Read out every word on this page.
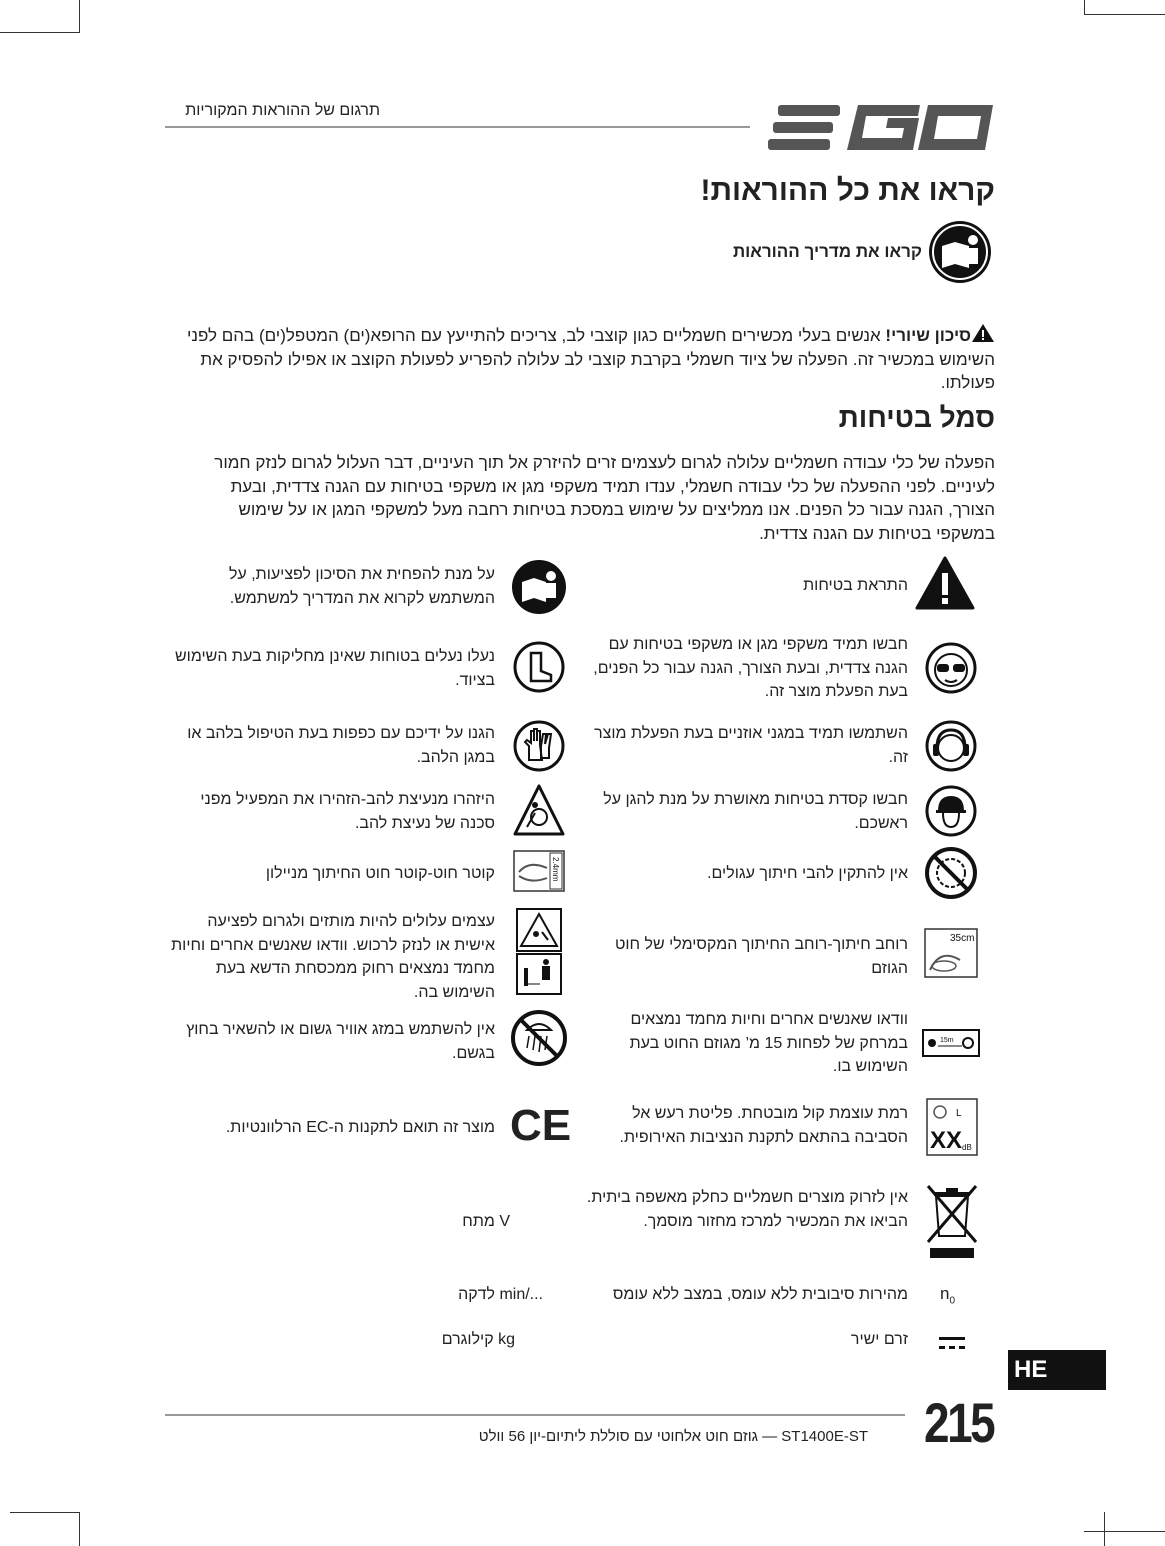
תרגום של ההוראות המקוריות
קראו את כל ההוראות!
קראו את מדריך ההוראות
סיכון שיורי! אנשים בעלי מכשירים חשמליים כגון קוצבי לב, צריכים להתייעץ עם הרופא(ים) המטפל(ים) בהם לפני השימוש במכשיר זה. הפעלה של ציוד חשמלי בקרבת קוצבי לב עלולה להפריע לפעולת הקוצב או אפילו להפסיק את פעולתו.
סמל בטיחות
הפעלה של כלי עבודה חשמליים עלולה לגרום לעצמים זרים להיזרק אל תוך העיניים, דבר העלול לגרום לנזק חמור לעיניים. לפני ההפעלה של כלי עבודה חשמלי, ענדו תמיד משקפי מגן או משקפי בטיחות עם הגנה צדדית, ובעת הצורך, הגנה עבור כל הפנים. אנו ממליצים על שימוש במסכת בטיחות רחבה מעל למשקפי המגן או על שימוש במשקפי בטיחות עם הגנה צדדית.
התראת בטיחות
חבשו תמיד משקפי מגן או משקפי בטיחות עם הגנה צדדית, ובעת הצורך, הגנה עבור כל הפנים, בעת הפעלת מוצר זה.
השתמשו תמיד במגני אוזניים בעת הפעלת מוצר זה.
חבשו קסדת בטיחות מאושרת על מנת להגן על ראשכם.
אין להתקין להבי חיתוך עגולים.
35cm
רוחב חיתוך-רוחב החיתוך המקסימלי של חוט הגוזם
15m
וודאו שאנשים אחרים וחיות מחמד נמצאים במרחק של לפחות 15 מ’ מגוזם החוט בעת השימוש בו.
L
XX dB
רמת עוצמת קול מובטחת. פליטת רעש אל הסביבה בהתאם לתקנת הנציבות האירופית.
אין לזרוק מוצרים חשמליים כחלק מאשפה ביתית. הביאו את המכשיר למרכז מחזור מוסמך.
$n_0$
מהירות סיבובית ללא עומס, במצב ללא עומס
זרם ישיר
על מנת להפחית את הסיכון לפציעות, על המשתמש לקרוא את המדריך למשתמש.
נעלו נעלים בטוחות שאינן מחליקות בעת השימוש בציוד.
הגנו על ידיכם עם כפפות בעת הטיפול בלהב או במגן הלהב.
היזהרו מנעיצת להב-הזהירו את המפעיל מפני סכנה של נעיצת להב.
2.4mm
קוטר חוט-קוטר חוט החיתוך מניילון
עצמים עלולים להיות מותזים ולגרום לפציעה אישית או לנזק לרכוש. וודאו שאנשים אחרים וחיות מחמד נמצאים רחוק ממכסחת הדשא בעת השימוש בה.
אין להשתמש במזג אוויר גשום או להשאיר בחוץ בגשם.
CE
מוצר זה תואם לתקנות ה-EC הרלוונטיות.
V מתח
.../min לדקה
kg קילוגרם
HE
215
גוזם חוט אלחוטי עם סוללת ליתיום-יון 56 וולט — ST1400E-ST
